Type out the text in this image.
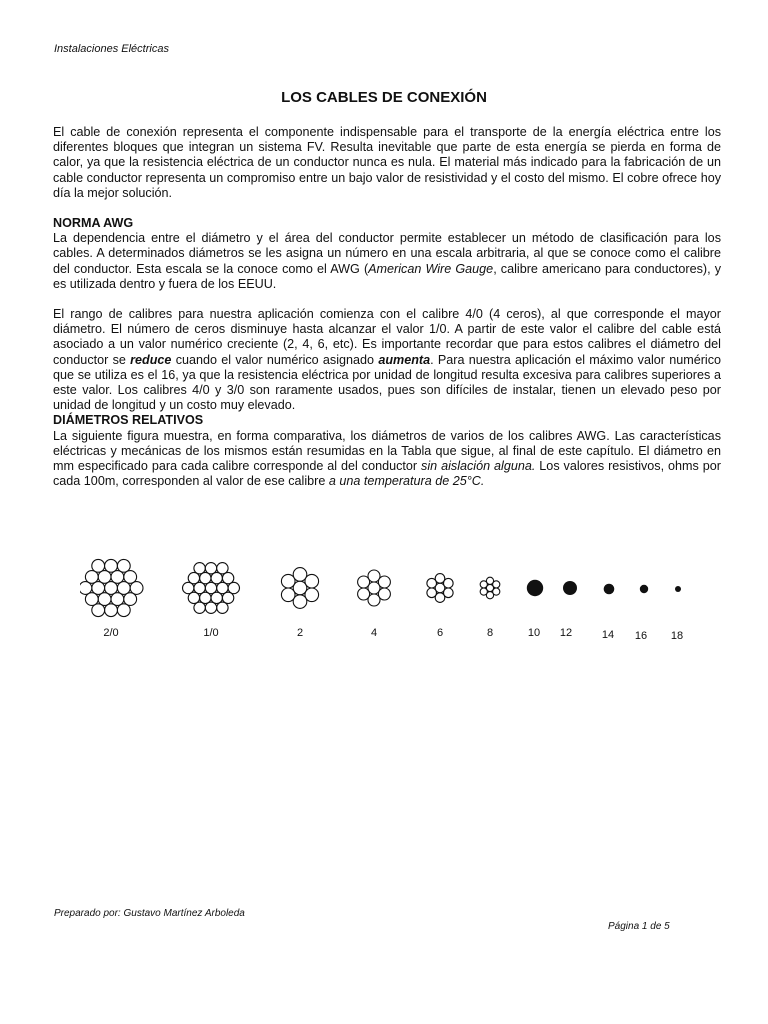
Instalaciones Eléctricas
LOS CABLES DE CONEXIÓN

El cable de conexión representa el componente indispensable para el transporte de la energía eléctrica entre los diferentes bloques que integran un sistema FV. Resulta inevitable que parte de esta energía se pierda en forma de calor, ya que la resistencia eléctrica de un conductor nunca es nula. El material más indicado para la fabricación de un cable conductor representa un compromiso entre un bajo valor de resistividad y el costo del mismo. El cobre ofrece hoy día la mejor solución.

NORMA AWG

La dependencia entre el diámetro y el área del conductor permite establecer un método de clasificación para los cables. A determinados diámetros se les asigna un número en una escala arbitraria, al que se conoce como el calibre del conductor. Esta escala se la conoce como el AWG (American Wire Gauge, calibre americano para conductores), y es utilizada dentro y fuera de los EEUU.

El rango de calibres para nuestra aplicación comienza con el calibre 4/0 (4 ceros), al que corresponde el mayor diámetro. El número de ceros disminuye hasta alcanzar el valor 1/0. A partir de este valor el calibre del cable está asociado a un valor numérico creciente (2, 4, 6, etc). Es importante recordar que para estos calibres el diámetro del conductor se reduce cuando el valor numérico asignado aumenta. Para nuestra aplicación el máximo valor numérico que se utiliza es el 16, ya que la resistencia eléctrica por unidad de longitud resulta excesiva para calibres superiores a este valor. Los calibres 4/0 y 3/0 son raramente usados, pues son difíciles de instalar, tienen un elevado peso por unidad de longitud y un costo muy elevado.

DIÁMETROS RELATIVOS

La siguiente figura muestra, en forma comparativa, los diámetros de varios de los calibres AWG. Las características eléctricas y mecánicas de los mismos están resumidas en la Tabla que sigue, al final de este capítulo. El diámetro en mm especificado para cada calibre corresponde al del conductor sin aislación alguna. Los valores resistivos, ohms por cada 100m, corresponden al valor de ese calibre a una temperatura de 25°C.

2/0	1/0	2	4	6	8	10 12	14 16 18
Preparado por: Gustavo Martínez Arboleda
Página 1 de 5
